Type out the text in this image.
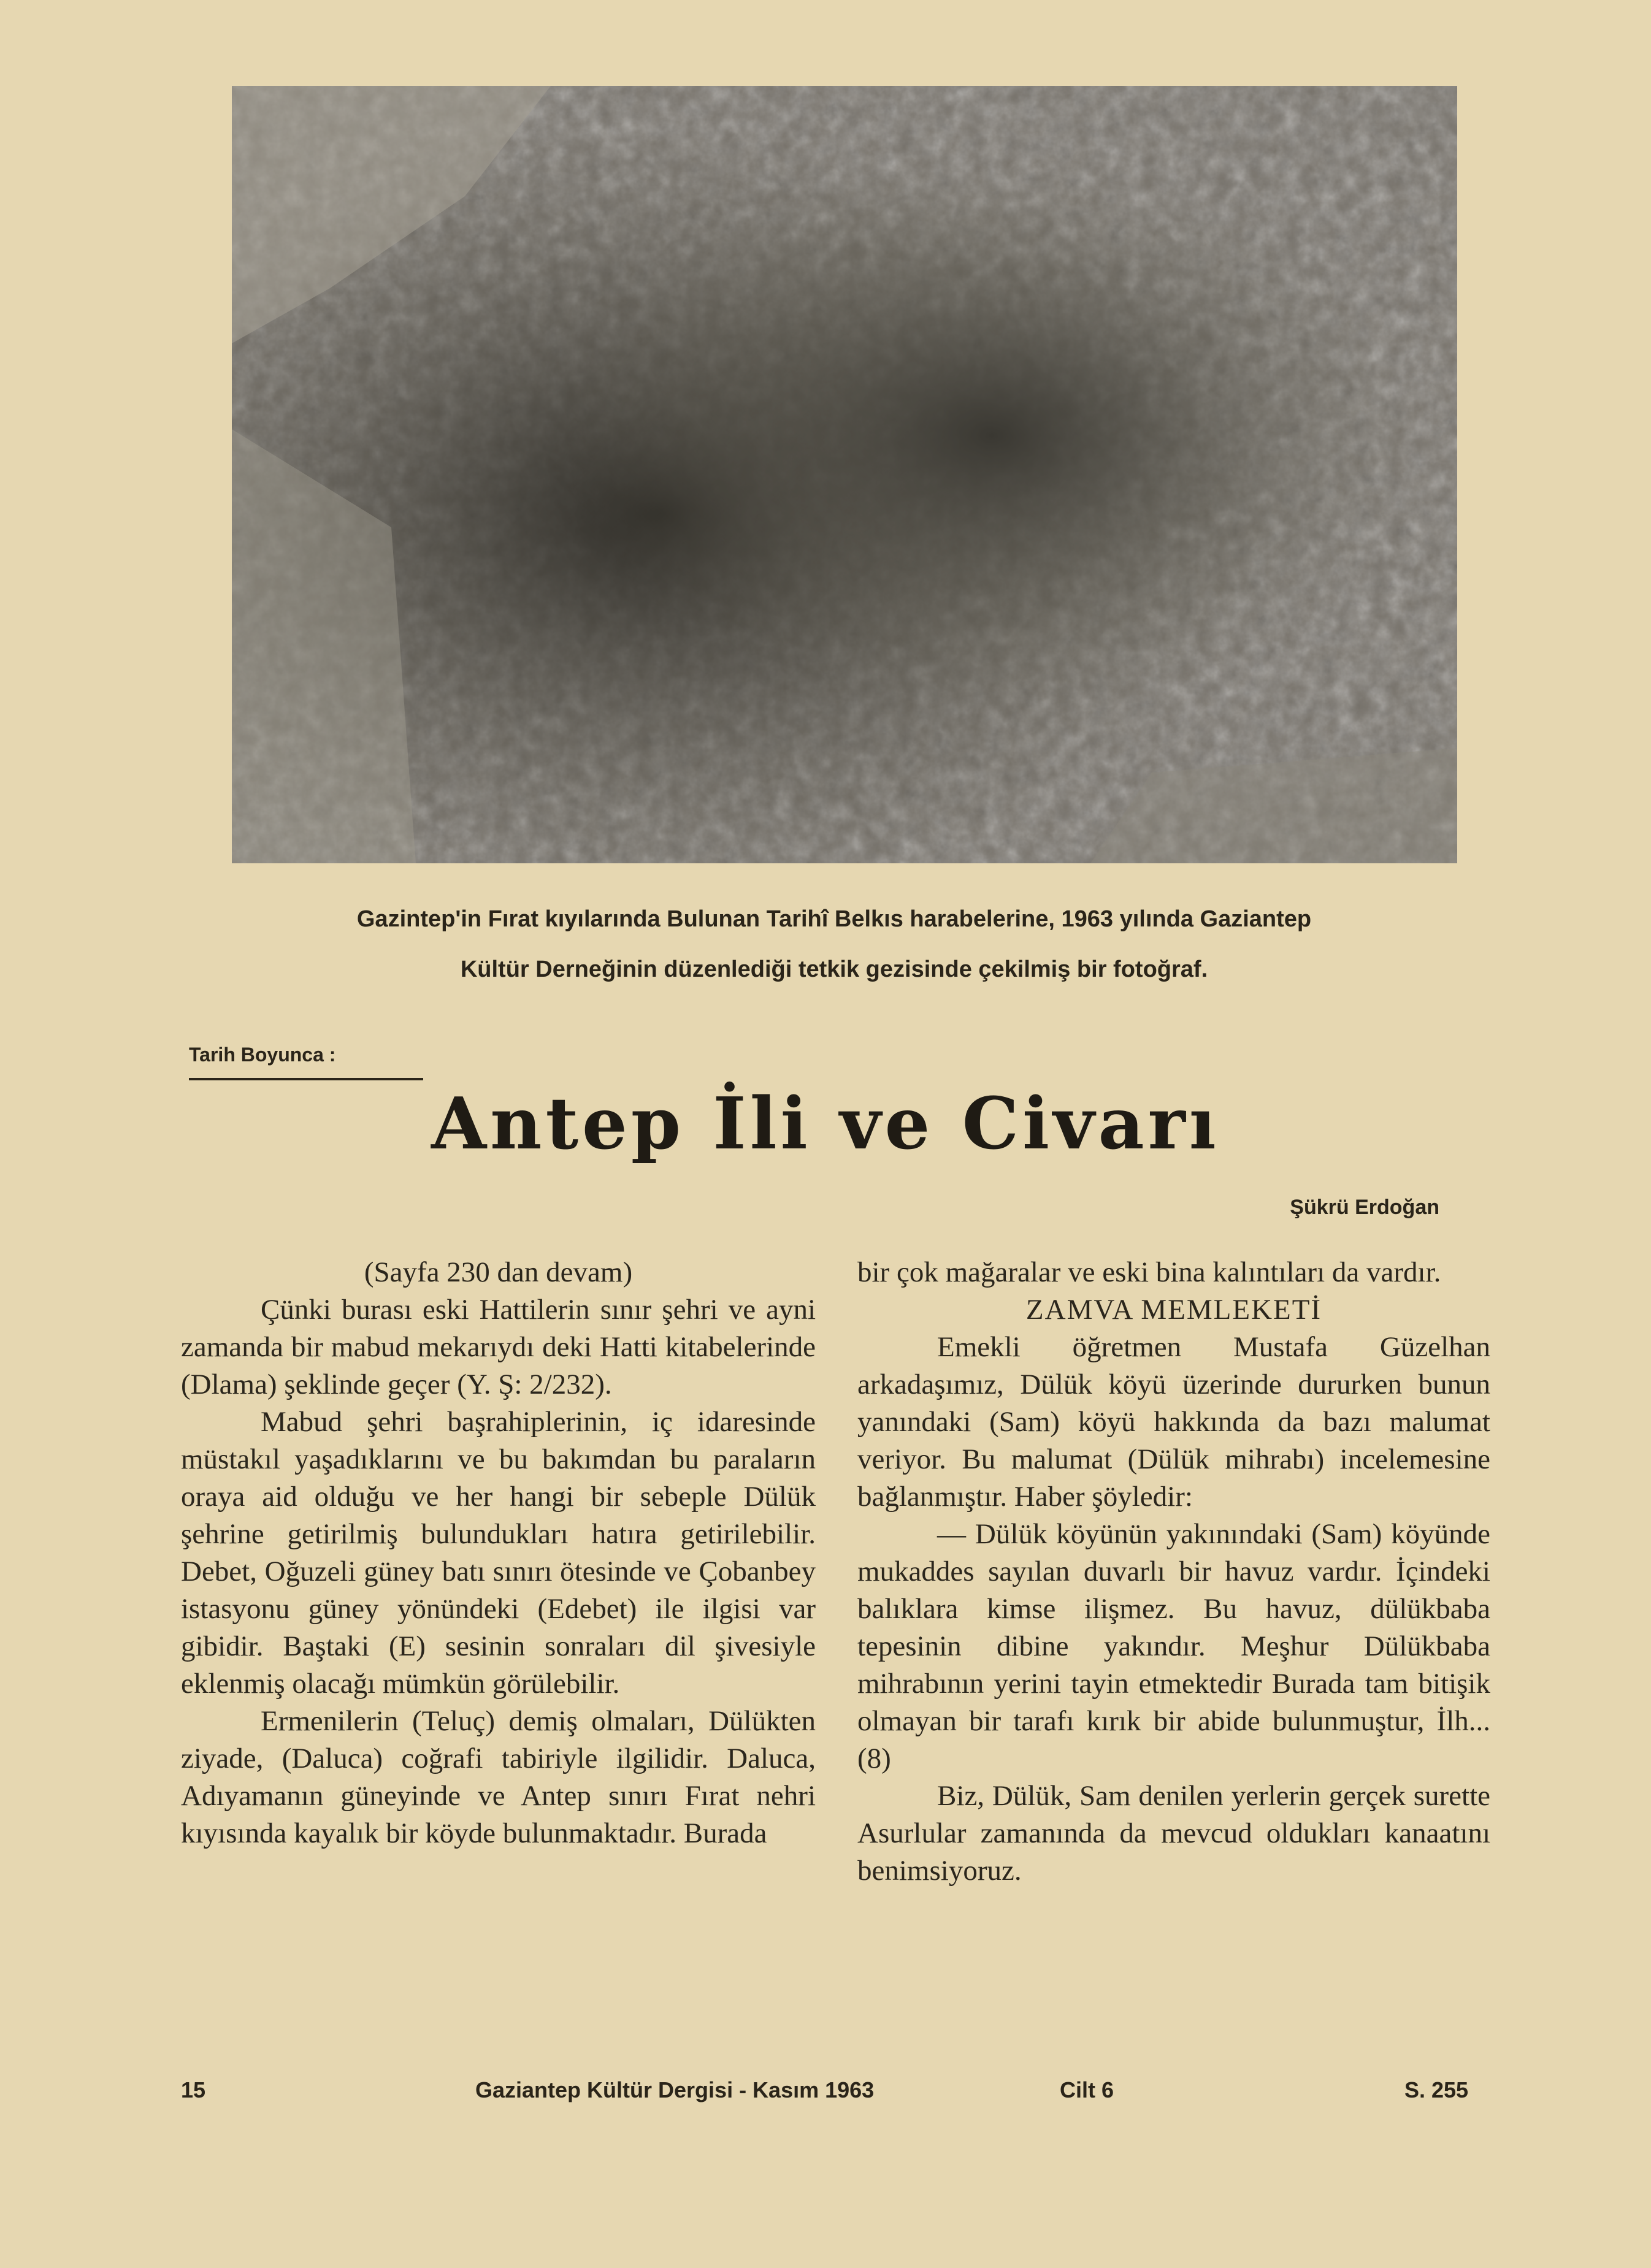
Gazintep'in Fırat kıyılarında Bulunan Tarihî Belkıs harabelerine, 1963 yılında Gaziantep
Kültür Derneğinin düzenlediği tetkik gezisinde çekilmiş bir fotoğraf.
Tarih Boyunca :
Antep İli ve Civarı
Şükrü Erdoğan

(Sayfa 230 dan devam)

Çünki burası eski Hattilerin sınır şehri ve ayni zamanda bir mabud mekarıydı deki Hatti kitabelerinde (Dlama) şeklinde geçer (Y. Ş: 2/232).

Mabud şehri başrahiplerinin, iç idaresinde müstakıl yaşadıklarını ve bu bakımdan bu paraların oraya aid olduğu ve her hangi bir sebeple Dülük şehrine getirilmiş bulundukları hatıra getirilebilir. Debet, Oğuzeli güney batı sınırı ötesinde ve Çobanbey istasyonu güney yönündeki (Edebet) ile ilgisi var gibidir. Baştaki (E) sesinin sonraları dil şivesiyle eklenmiş olacağı mümkün görülebilir.

Ermenilerin (Teluç) demiş olmaları, Dülükten ziyade, (Daluca) coğrafi tabiriyle ilgilidir. Daluca, Adıyamanın güneyinde ve Antep sınırı Fırat nehri kıyısında kayalık bir köyde bulunmaktadır. Burada

bir çok mağaralar ve eski bina kalıntıları da vardır.

ZAMVA MEMLEKETİ

Emekli öğretmen Mustafa Güzelhan arkadaşımız, Dülük köyü üzerinde dururken bunun yanındaki (Sam) köyü hakkında da bazı malumat veriyor. Bu malumat (Dülük mihrabı) incelemesine bağlanmıştır. Haber şöyledir:

— Dülük köyünün yakınındaki (Sam) köyünde mukaddes sayılan duvarlı bir havuz vardır. İçindeki balıklara kimse ilişmez. Bu havuz, dülükbaba tepesinin dibine yakındır. Meşhur Dülükbaba mihrabının yerini tayin etmektedir Burada tam bitişik olmayan bir tarafı kırık bir abide bulunmuştur, İlh... (8)

Biz, Dülük, Sam denilen yerlerin gerçek surette Asurlular zamanında da mevcud oldukları kanaatını benimsiyoruz.

15	Gaziantep Kültür Dergisi - Kasım 1963	Cilt 6	S. 255
